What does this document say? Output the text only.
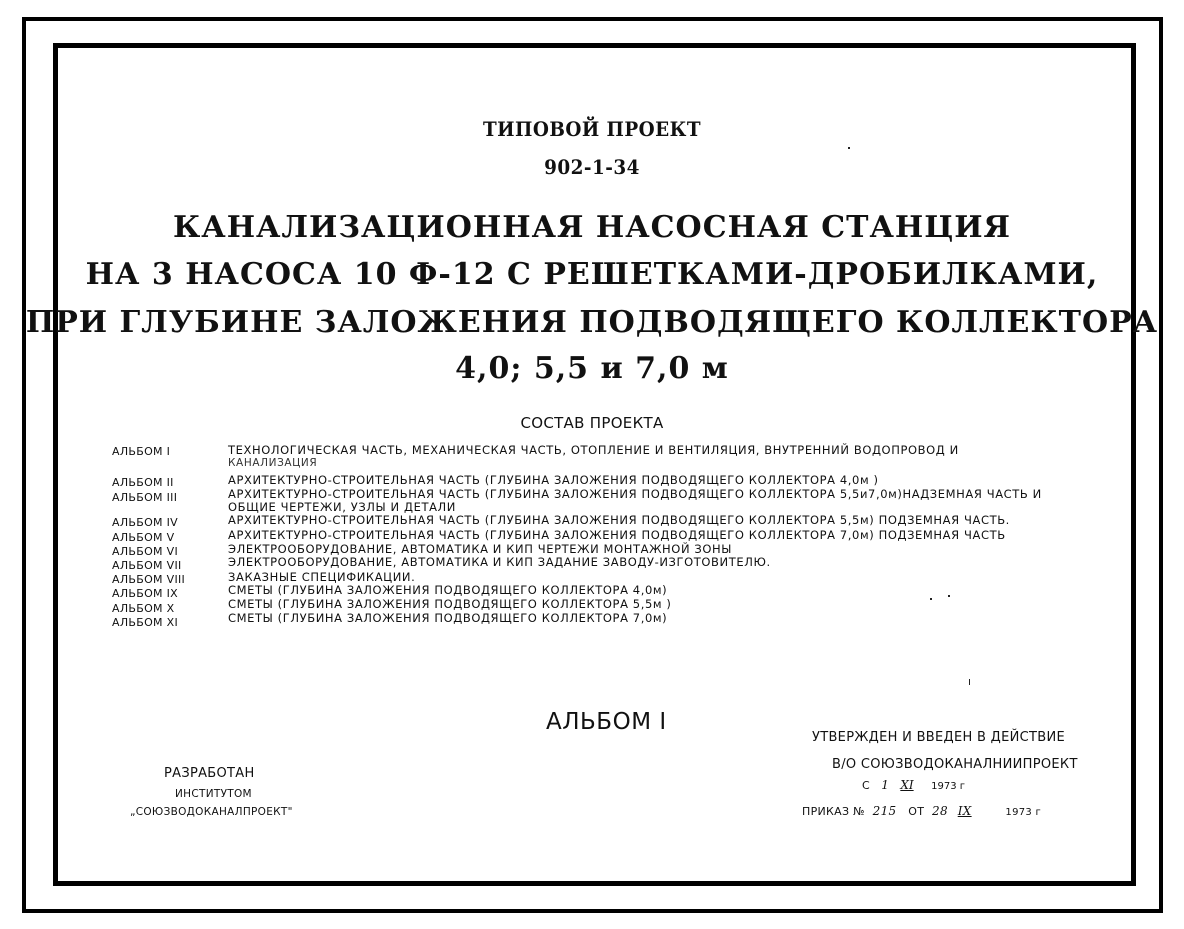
ТИПОВОЙ ПРОЕКТ
902-1-34
КАНАЛИЗАЦИОННАЯ НАСОСНАЯ СТАНЦИЯ
НА 3 НАСОСА 10 Ф-12 С РЕШЕТКАМИ-ДРОБИЛКАМИ,
ПРИ ГЛУБИНЕ ЗАЛОЖЕНИЯ ПОДВОДЯЩЕГО КОЛЛЕКТОРА
4,0; 5,5 и 7,0 м
СОСТАВ ПРОЕКТА
АЛЬБОМ I	ТЕХНОЛОГИЧЕСКАЯ ЧАСТЬ, МЕХАНИЧЕСКАЯ ЧАСТЬ, ОТОПЛЕНИЕ И ВЕНТИЛЯЦИЯ, ВНУТРЕННИЙ ВОДОПРОВОД И
КАНАЛИЗАЦИЯ
АЛЬБОМ II	АРХИТЕКТУРНО-СТРОИТЕЛЬНАЯ ЧАСТЬ (ГЛУБИНА ЗАЛОЖЕНИЯ ПОДВОДЯЩЕГО КОЛЛЕКТОРА 4,0м )
АЛЬБОМ III	АРХИТЕКТУРНО-СТРОИТЕЛЬНАЯ ЧАСТЬ (ГЛУБИНА ЗАЛОЖЕНИЯ ПОДВОДЯЩЕГО КОЛЛЕКТОРА 5,5и7,0м)НАДЗЕМНАЯ ЧАСТЬ И
ОБЩИЕ ЧЕРТЕЖИ, УЗЛЫ И ДЕТАЛИ
АЛЬБОМ IV	АРХИТЕКТУРНО-СТРОИТЕЛЬНАЯ ЧАСТЬ (ГЛУБИНА ЗАЛОЖЕНИЯ ПОДВОДЯЩЕГО КОЛЛЕКТОРА 5,5м) ПОДЗЕМНАЯ ЧАСТЬ.
АЛЬБОМ V	АРХИТЕКТУРНО-СТРОИТЕЛЬНАЯ ЧАСТЬ (ГЛУБИНА ЗАЛОЖЕНИЯ ПОДВОДЯЩЕГО КОЛЛЕКТОРА 7,0м) ПОДЗЕМНАЯ ЧАСТЬ
АЛЬБОМ VI	ЭЛЕКТРООБОРУДОВАНИЕ, АВТОМАТИКА И КИП ЧЕРТЕЖИ МОНТАЖНОЙ ЗОНЫ
АЛЬБОМ VII	ЭЛЕКТРООБОРУДОВАНИЕ, АВТОМАТИКА И КИП ЗАДАНИЕ ЗАВОДУ-ИЗГОТОВИТЕЛЮ.
АЛЬБОМ VIII	ЗАКАЗНЫЕ СПЕЦИФИКАЦИИ.
АЛЬБОМ IX	СМЕТЫ (ГЛУБИНА ЗАЛОЖЕНИЯ ПОДВОДЯЩЕГО КОЛЛЕКТОРА 4,0м)
АЛЬБОМ X	СМЕТЫ (ГЛУБИНА ЗАЛОЖЕНИЯ ПОДВОДЯЩЕГО КОЛЛЕКТОРА 5,5м )
АЛЬБОМ XI	СМЕТЫ (ГЛУБИНА ЗАЛОЖЕНИЯ ПОДВОДЯЩЕГО КОЛЛЕКТОРА 7,0м)
АЛЬБОМ I
РАЗРАБОТАН
ИНСТИТУТОМ
„СОЮЗВОДОКАНАЛПРОЕКТ"
УТВЕРЖДЕН И ВВЕДЕН В ДЕЙСТВИЕ
В/О СОЮЗВОДОКАНАЛНИИПРОЕКТ
С 1 XI 1973 г
ПРИКАЗ № 215 ОТ 28 IX	1973 г
